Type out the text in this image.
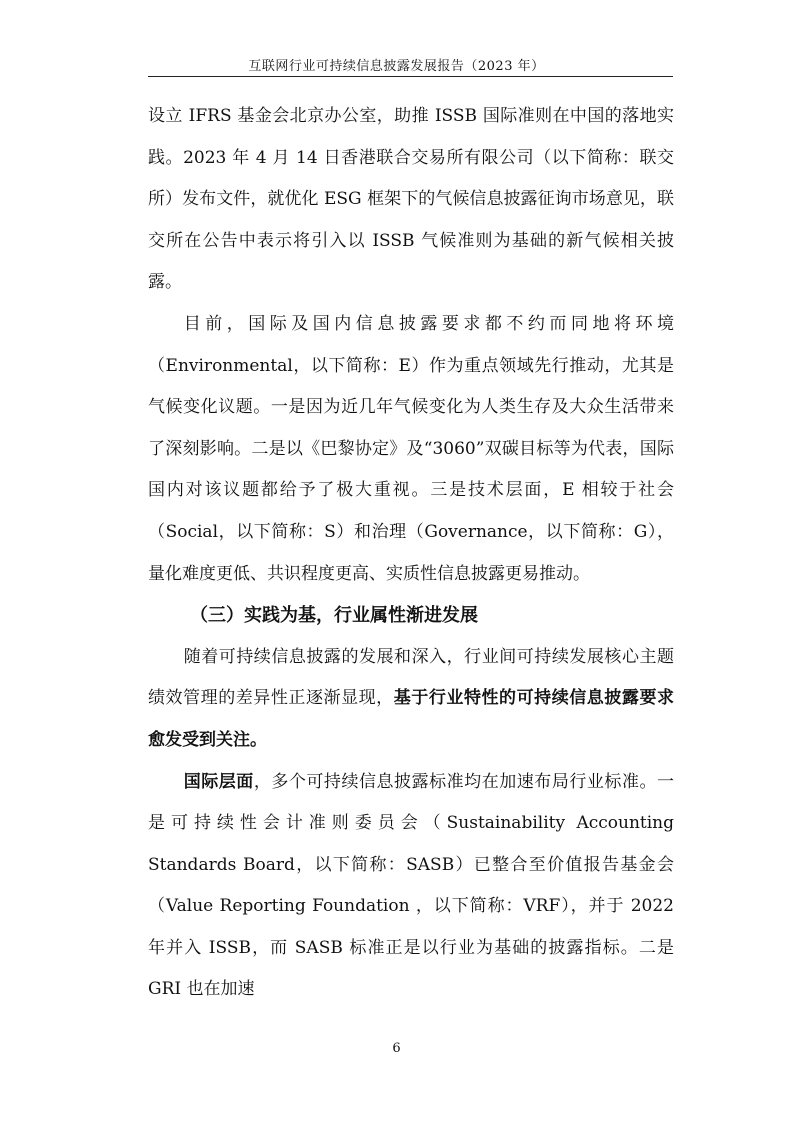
互联网行业可持续信息披露发展报告（2023 年）

设立 IFRS 基金会北京办公室，助推 ISSB 国际准则在中国的落地实践。2023 年 4 月 14 日香港联合交易所有限公司（以下简称：联交所）发布文件，就优化 ESG 框架下的气候信息披露征询市场意见，联交所在公告中表示将引入以 ISSB 气候准则为基础的新气候相关披露。

目前，国际及国内信息披露要求都不约而同地将环境（Environmental，以下简称：E）作为重点领域先行推动，尤其是气候变化议题。一是因为近几年气候变化为人类生存及大众生活带来了深刻影响。二是以《巴黎协定》及“3060”双碳目标等为代表，国际国内对该议题都给予了极大重视。三是技术层面，E 相较于社会（Social，以下简称：S）和治理（Governance，以下简称：G），量化难度更低、共识程度更高、实质性信息披露更易推动。

（三）实践为基，行业属性渐进发展

随着可持续信息披露的发展和深入，行业间可持续发展核心主题绩效管理的差异性正逐渐显现，基于行业特性的可持续信息披露要求愈发受到关注。

国际层面，多个可持续信息披露标准均在加速布局行业标准。一是可持续性会计准则委员会（Sustainability Accounting Standards Board，以下简称：SASB）已整合至价值报告基金会（Value Reporting Foundation ，以下简称：VRF），并于 2022 年并入 ISSB，而 SASB 标准正是以行业为基础的披露指标。二是 GRI 也在加速

6
